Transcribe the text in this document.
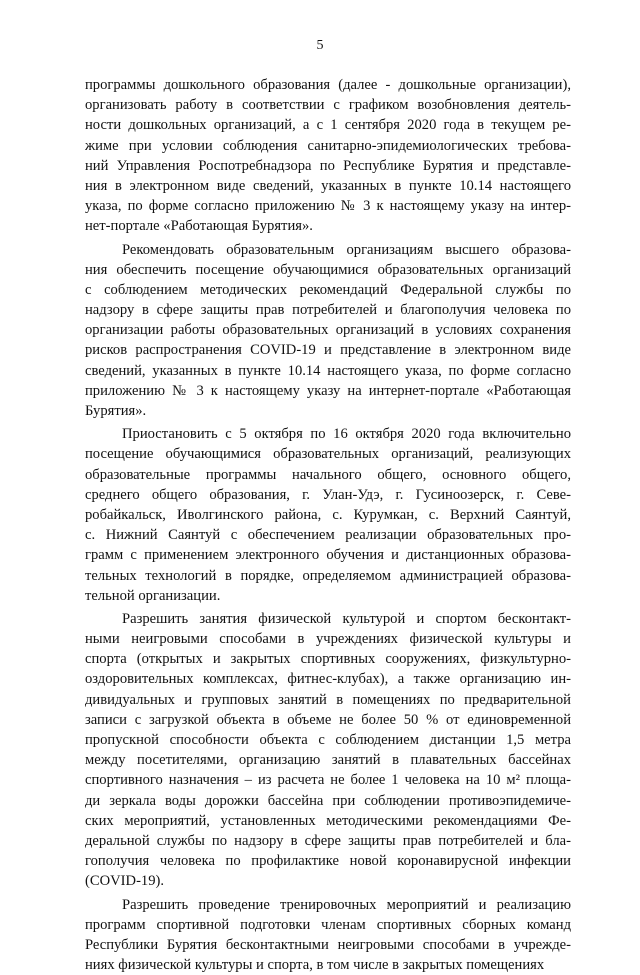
5
программы дошкольного образования (далее - дошкольные организации),
организовать работу в соответствии с графиком возобновления деятель-
ности дошкольных организаций, а с 1 сентября 2020 года в текущем ре-
жиме при условии соблюдения санитарно-эпидемиологических требова-
ний Управления Роспотребнадзора по Республике Бурятия и представле-
ния в электронном виде сведений, указанных в пункте 10.14 настоящего
указа, по форме согласно приложению № 3 к настоящему указу на интер-
нет-портале «Работающая Бурятия».
Рекомендовать образовательным организациям высшего образова-
ния обеспечить посещение обучающимися образовательных организаций
с соблюдением методических рекомендаций Федеральной службы по
надзору в сфере защиты прав потребителей и благополучия человека по
организации работы образовательных организаций в условиях сохранения
рисков распространения COVID-19 и представление в электронном виде
сведений, указанных в пункте 10.14 настоящего указа, по форме согласно
приложению № 3 к настоящему указу на интернет-портале «Работающая
Бурятия».
Приостановить с 5 октября по 16 октября 2020 года включительно
посещение обучающимися образовательных организаций, реализующих
образовательные программы начального общего, основного общего,
среднего общего образования, г. Улан-Удэ, г. Гусиноозерск, г. Севе-
робайкальск, Иволгинского района, с. Курумкан, с. Верхний Саянтуй,
с. Нижний Саянтуй с обеспечением реализации образовательных про-
грамм с применением электронного обучения и дистанционных образова-
тельных технологий в порядке, определяемом администрацией образова-
тельной организации.
Разрешить занятия физической культурой и спортом бесконтакт-
ными неигровыми способами в учреждениях физической культуры и
спорта (открытых и закрытых спортивных сооружениях, физкультурно-
оздоровительных комплексах, фитнес-клубах), а также организацию ин-
дивидуальных и групповых занятий в помещениях по предварительной
записи с загрузкой объекта в объеме не более 50 % от единовременной
пропускной способности объекта с соблюдением дистанции 1,5 метра
между посетителями, организацию занятий в плавательных бассейнах
спортивного назначения – из расчета не более 1 человека на 10 м² площа-
ди зеркала воды дорожки бассейна при соблюдении противоэпидемиче-
ских мероприятий, установленных методическими рекомендациями Фе-
деральной службы по надзору в сфере защиты прав потребителей и бла-
гополучия человека по профилактике новой коронавирусной инфекции
(COVID-19).
Разрешить проведение тренировочных мероприятий и реализацию
программ спортивной подготовки членам спортивных сборных команд
Республики Бурятия бесконтактными неигровыми способами в учрежде-
ниях физической культуры и спорта, в том числе в закрытых помещениях
